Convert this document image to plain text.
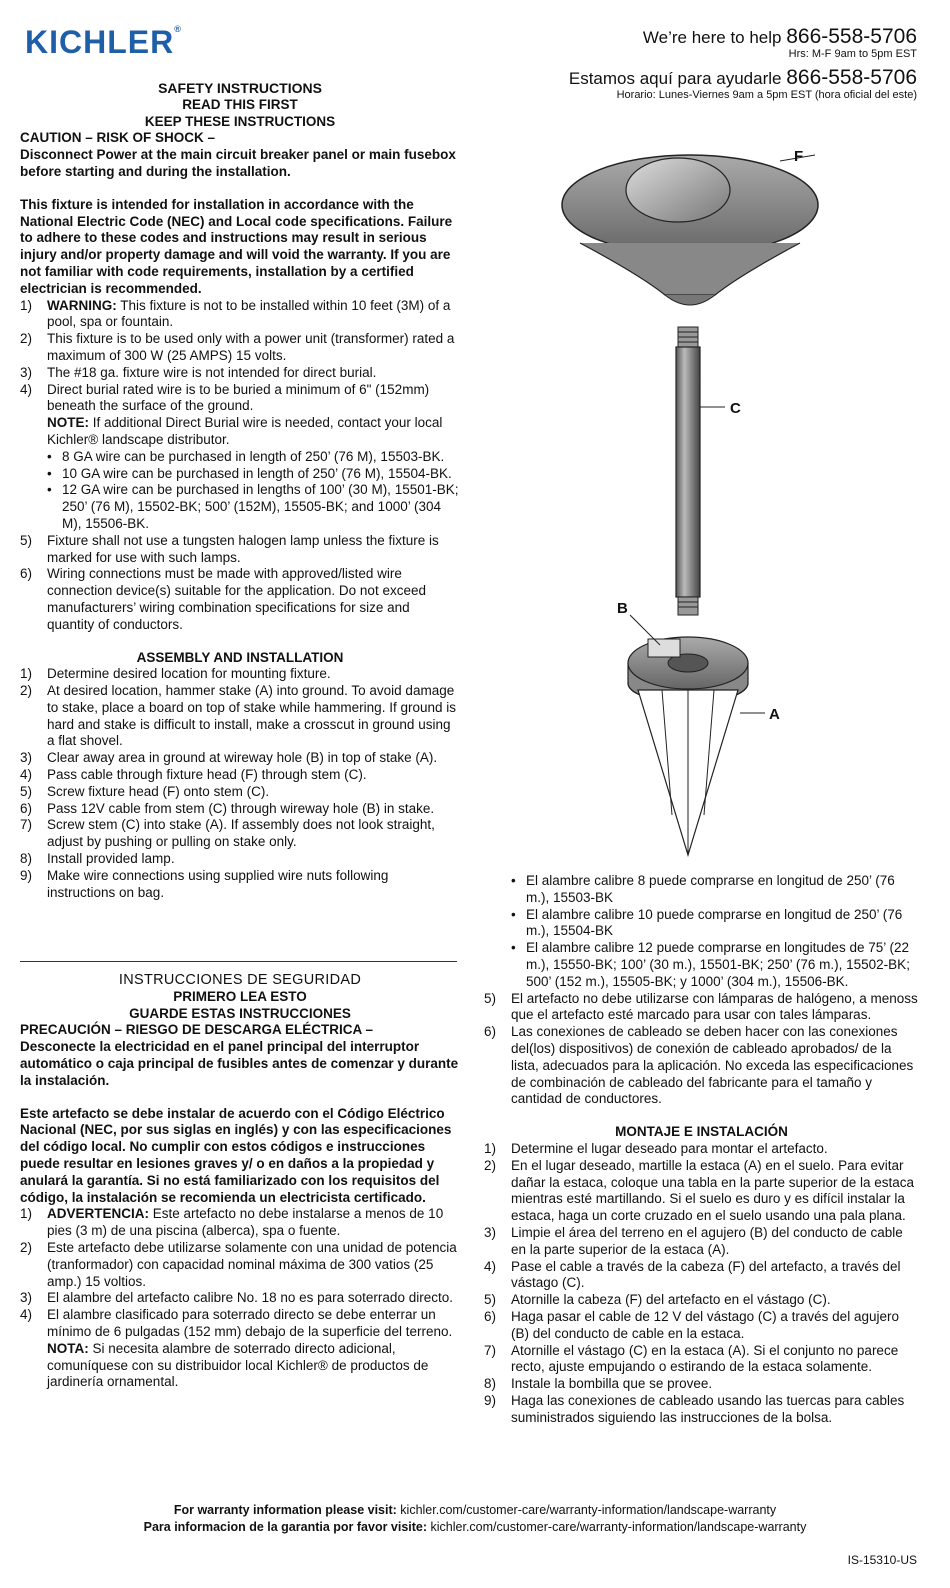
KICHLER®	We’re here to help 866-558-5706
Hrs: M-F 9am to 5pm EST
Estamos aquí para ayudarle 866-558-5706
Horario: Lunes-Viernes 9am a 5pm EST (hora oficial del este)

SAFETY INSTRUCTIONS

READ THIS FIRST

KEEP THESE INSTRUCTIONS

CAUTION – RISK OF SHOCK –

Disconnect Power at the main circuit breaker panel or main fusebox before starting and during the installation.

This fixture is intended for installation in accordance with the National Electric Code (NEC) and Local code specifications. Failure to adhere to these codes and instructions may result in serious injury and/or property damage and will void the warranty. If you are not familiar with code requirements, installation by a certified electrician is recommended.

1) WARNING: This fixture is not to be installed within 10 feet (3M) of a pool, spa or fountain.
2) This fixture is to be used only with a power unit (transformer) rated a maximum of 300 W (25 AMPS) 15 volts.
3) The #18 ga. fixture wire is not intended for direct burial.
4) Direct burial rated wire is to be buried a minimum of 6" (152mm) beneath the surface of the ground.
NOTE: If additional Direct Burial wire is needed, contact your local Kichler® landscape distributor.
• 8 GA wire can be purchased in length of 250’ (76 M), 15503-BK.
• 10 GA wire can be purchased in length of 250’ (76 M), 15504-BK.
• 12 GA wire can be purchased in lengths of 100’ (30 M), 15501-BK; 250’ (76 M), 15502-BK; 500’ (152M), 15505-BK; and 1000’ (304 M), 15506-BK.
5) Fixture shall not use a tungsten halogen lamp unless the fixture is marked for use with such lamps.
6) Wiring connections must be made with approved/listed wire connection device(s) suitable for the application. Do not exceed manufacturers’ wiring combination specifications for size and quantity of conductors.

ASSEMBLY AND INSTALLATION

1) Determine desired location for mounting fixture.
2) At desired location, hammer stake (A) into ground. To avoid damage to stake, place a board on top of stake while hammering. If ground is hard and stake is difficult to install, make a crosscut in ground using a flat shovel.
3) Clear away area in ground at wireway hole (B) in top of stake (A).
4) Pass cable through fixture head (F) through stem (C).
5) Screw fixture head (F) onto stem (C).
6) Pass 12V cable from stem (C) through wireway hole (B) in stake.
7) Screw stem (C) into stake (A). If assembly does not look straight, adjust by pushing or pulling on stake only.
8) Install provided lamp.
9) Make wire connections using supplied wire nuts following instructions on bag.

INSTRUCCIONES DE SEGURIDAD

PRIMERO LEA ESTO

GUARDE ESTAS INSTRUCCIONES

PRECAUCIÓN – RIESGO DE DESCARGA ELÉCTRICA –

Desconecte la electricidad en el panel principal del interruptor automático o caja principal de fusibles antes de comenzar y durante la instalación.

Este artefacto se debe instalar de acuerdo con el Código Eléctrico Nacional (NEC, por sus siglas en inglés) y con las especificaciones del código local. No cumplir con estos códigos e instrucciones puede resultar en lesiones graves y/ o en daños a la propiedad y anulará la garantía. Si no está familiarizado con los requisitos del código, la instalación se recomienda un electricista certificado.

1) ADVERTENCIA: Este artefacto no debe instalarse a menos de 10 pies (3 m) de una piscina (alberca), spa o fuente.
2) Este artefacto debe utilizarse solamente con una unidad de potencia (tranformador) con capacidad nominal máxima de 300 vatios (25 amp.) 15 voltios.
3) El alambre del artefacto calibre No. 18 no es para soterrado directo.
4) El alambre clasificado para soterrado directo se debe enterrar un mínimo de 6 pulgadas (152 mm) debajo de la superficie del terreno.
NOTA: Si necesita alambre de soterrado directo adicional, comuníquese con su distribuidor local Kichler® de productos de jardinería ornamental.
• El alambre calibre 8 puede comprarse en longitud de 250’ (76 m.), 15503-BK
• El alambre calibre 10 puede comprarse en longitud de 250’ (76 m.), 15504-BK
• El alambre calibre 12 puede comprarse en longitudes de 75’ (22 m.), 15550-BK; 100’ (30 m.), 15501-BK; 250’ (76 m.), 15502-BK; 500’ (152 m.), 15505-BK; y 1000’ (304 m.), 15506-BK.
5) El artefacto no debe utilizarse con lámparas de halógeno, a menoss que el artefacto esté marcado para usar con tales lámparas.
6) Las conexiones de cableado se deben hacer con las conexiones del(los) dispositivos) de conexión de cableado aprobados/ de la lista, adecuados para la aplicación. No exceda las especificaciones de combinación de cableado del fabricante para el tamaño y cantidad de conductores.

MONTAJE E INSTALACIÓN

1) Determine el lugar deseado para montar el artefacto.
2) En el lugar deseado, martille la estaca (A) en el suelo. Para evitar dañar la estaca, coloque una tabla en la parte superior de la estaca mientras esté martillando. Si el suelo es duro y es difícil instalar la estaca, haga un corte cruzado en el suelo usando una pala plana.
3) Limpie el área del terreno en el agujero (B) del conducto de cable en la parte superior de la estaca (A).
4) Pase el cable a través de la cabeza (F) del artefacto, a través del vástago (C).
5) Atornille la cabeza (F) del artefacto en el vástago (C).
6) Haga pasar el cable de 12 V del vástago (C) a través del agujero (B) del conducto de cable en la estaca.
7) Atornille el vástago (C) en la estaca (A). Si el conjunto no parece recto, ajuste empujando o estirando de la estaca solamente.
8) Instale la bombilla que se provee.
9) Haga las conexiones de cableado usando las tuercas para cables suministrados siguiendo las instrucciones de la bolsa.
F
C
B
A
For warranty information please visit: kichler.com/customer-care/warranty-information/landscape-warranty
Para informacion de la garantia por favor visite: kichler.com/customer-care/warranty-information/landscape-warranty
IS-15310-US
